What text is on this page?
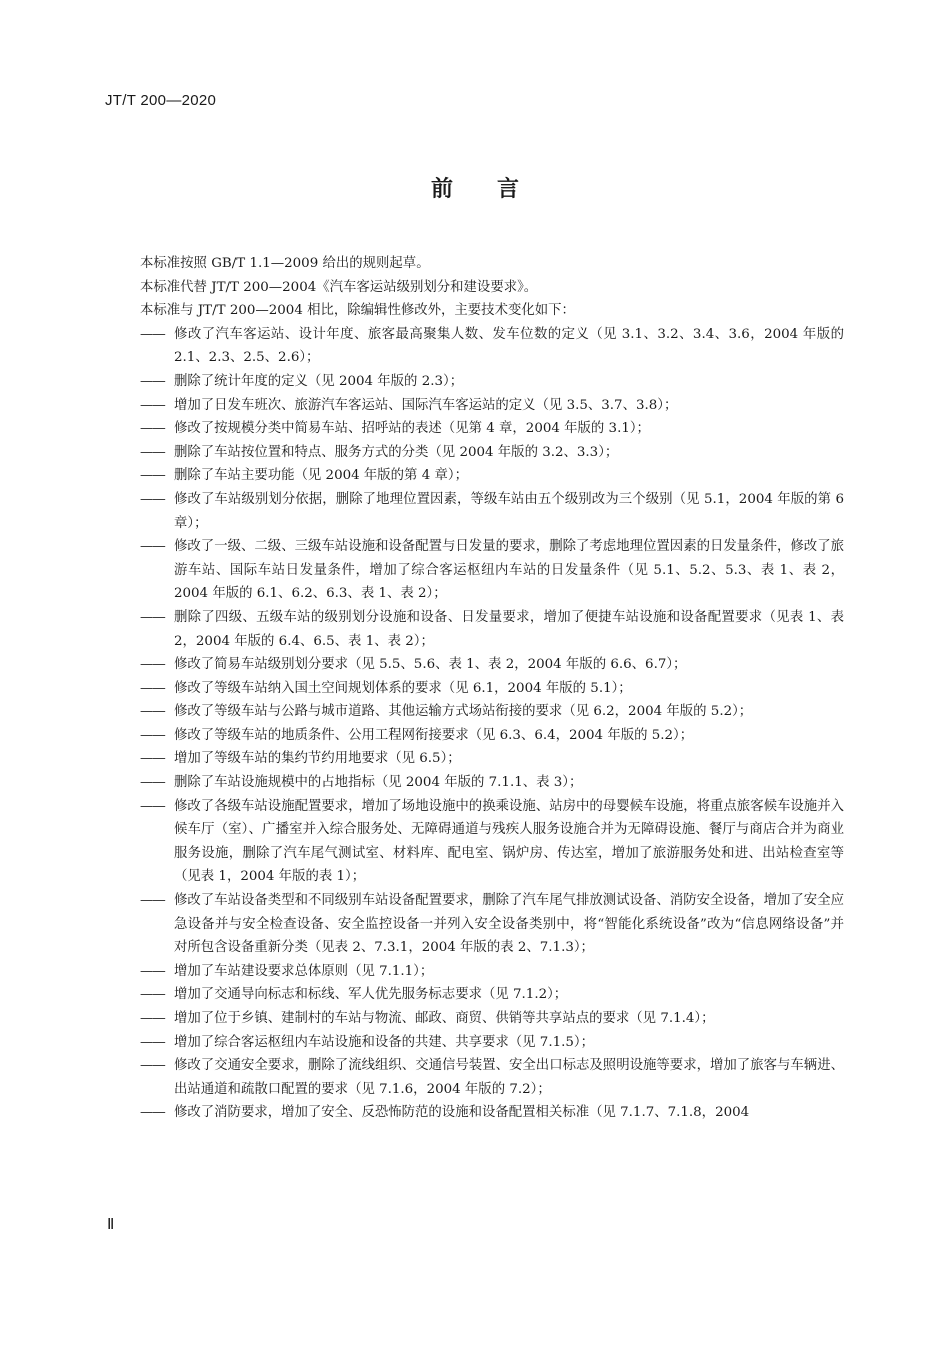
JT/T 200—2020
前 言

本标准按照 GB/T 1.1—2009 给出的规则起草。

本标准代替 JT/T 200—2004《汽车客运站级别划分和建设要求》。

本标准与 JT/T 200—2004 相比，除编辑性修改外，主要技术变化如下：

—— 修改了汽车客运站、设计年度、旅客最高聚集人数、发车位数的定义（见 3.1、3.2、3.4、3.6，2004 年版的 2.1、2.3、2.5、2.6）；
—— 删除了统计年度的定义（见 2004 年版的 2.3）；
—— 增加了日发车班次、旅游汽车客运站、国际汽车客运站的定义（见 3.5、3.7、3.8）；
—— 修改了按规模分类中简易车站、招呼站的表述（见第 4 章，2004 年版的 3.1）；
—— 删除了车站按位置和特点、服务方式的分类（见 2004 年版的 3.2、3.3）；
—— 删除了车站主要功能（见 2004 年版的第 4 章）；
—— 修改了车站级别划分依据，删除了地理位置因素，等级车站由五个级别改为三个级别（见 5.1，2004 年版的第 6 章）；
—— 修改了一级、二级、三级车站设施和设备配置与日发量的要求，删除了考虑地理位置因素的日发量条件，修改了旅游车站、国际车站日发量条件，增加了综合客运枢纽内车站的日发量条件（见 5.1、5.2、5.3、表 1、表 2，2004 年版的 6.1、6.2、6.3、表 1、表 2）；
—— 删除了四级、五级车站的级别划分设施和设备、日发量要求，增加了便捷车站设施和设备配置要求（见表 1、表 2，2004 年版的 6.4、6.5、表 1、表 2）；
—— 修改了简易车站级别划分要求（见 5.5、5.6、表 1、表 2，2004 年版的 6.6、6.7）；
—— 修改了等级车站纳入国土空间规划体系的要求（见 6.1，2004 年版的 5.1）；
—— 修改了等级车站与公路与城市道路、其他运输方式场站衔接的要求（见 6.2，2004 年版的 5.2）；
—— 修改了等级车站的地质条件、公用工程网衔接要求（见 6.3、6.4，2004 年版的 5.2）；
—— 增加了等级车站的集约节约用地要求（见 6.5）；
—— 删除了车站设施规模中的占地指标（见 2004 年版的 7.1.1、表 3）；
—— 修改了各级车站设施配置要求，增加了场地设施中的换乘设施、站房中的母婴候车设施，将重点旅客候车设施并入候车厅（室）、广播室并入综合服务处、无障碍通道与残疾人服务设施合并为无障碍设施、餐厅与商店合并为商业服务设施，删除了汽车尾气测试室、材料库、配电室、锅炉房、传达室，增加了旅游服务处和进、出站检查室等（见表 1，2004 年版的表 1）；
—— 修改了车站设备类型和不同级别车站设备配置要求，删除了汽车尾气排放测试设备、消防安全设备，增加了安全应急设备并与安全检查设备、安全监控设备一并列入安全设备类别中，将“智能化系统设备”改为“信息网络设备”并对所包含设备重新分类（见表 2、7.3.1，2004 年版的表 2、7.1.3）；
—— 增加了车站建设要求总体原则（见 7.1.1）；
—— 增加了交通导向标志和标线、军人优先服务标志要求（见 7.1.2）；
—— 增加了位于乡镇、建制村的车站与物流、邮政、商贸、供销等共享站点的要求（见 7.1.4）；
—— 增加了综合客运枢纽内车站设施和设备的共建、共享要求（见 7.1.5）；
—— 修改了交通安全要求，删除了流线组织、交通信号装置、安全出口标志及照明设施等要求，增加了旅客与车辆进、出站通道和疏散口配置的要求（见 7.1.6，2004 年版的 7.2）；
—— 修改了消防要求，增加了安全、反恐怖防范的设施和设备配置相关标准（见 7.1.7、7.1.8，2004
Ⅱ
